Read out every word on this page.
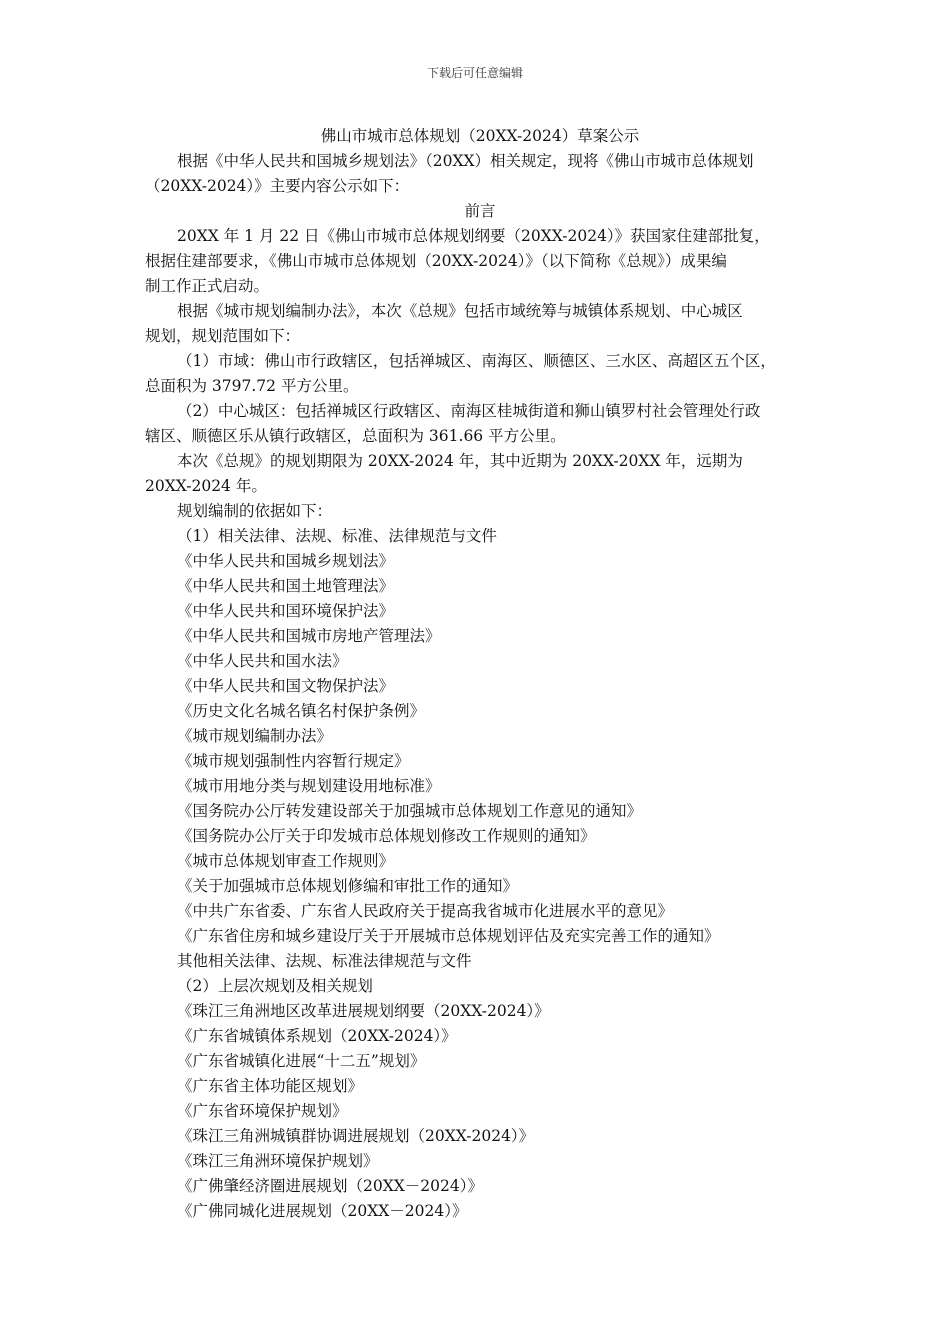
下载后可任意编辑
佛山市城市总体规划（20XX-2024）草案公示
根据《中华人民共和国城乡规划法》（20XX）相关规定，现将《佛山市城市总体规划
（20XX-2024）》主要内容公示如下：
前言
20XX 年 1 月 22 日《佛山市城市总体规划纲要（20XX-2024）》获国家住建部批复，
根据住建部要求，《佛山市城市总体规划（20XX-2024）》（以下简称《总规》）成果编
制工作正式启动。
根据《城市规划编制办法》，本次《总规》包括市域统筹与城镇体系规划、中心城区
规划，规划范围如下：
（1）市域：佛山市行政辖区，包括禅城区、南海区、顺德区、三水区、高超区五个区，
总面积为 3797.72 平方公里。
（2）中心城区：包括禅城区行政辖区、南海区桂城街道和狮山镇罗村社会管理处行政
辖区、顺德区乐从镇行政辖区，总面积为 361.66 平方公里。
本次《总规》的规划期限为 20XX-2024 年，其中近期为 20XX-20XX 年，远期为
20XX-2024 年。
规划编制的依据如下：
（1）相关法律、法规、标准、法律规范与文件
《中华人民共和国城乡规划法》
《中华人民共和国土地管理法》
《中华人民共和国环境保护法》
《中华人民共和国城市房地产管理法》
《中华人民共和国水法》
《中华人民共和国文物保护法》
《历史文化名城名镇名村保护条例》
《城市规划编制办法》
《城市规划强制性内容暂行规定》
《城市用地分类与规划建设用地标准》
《国务院办公厅转发建设部关于加强城市总体规划工作意见的通知》
《国务院办公厅关于印发城市总体规划修改工作规则的通知》
《城市总体规划审查工作规则》
《关于加强城市总体规划修编和审批工作的通知》
《中共广东省委、广东省人民政府关于提高我省城市化进展水平的意见》
《广东省住房和城乡建设厅关于开展城市总体规划评估及充实完善工作的通知》
其他相关法律、法规、标准法律规范与文件
（2）上层次规划及相关规划
《珠江三角洲地区改革进展规划纲要（20XX-2024）》
《广东省城镇体系规划（20XX-2024）》
《广东省城镇化进展“十二五”规划》
《广东省主体功能区规划》
《广东省环境保护规划》
《珠江三角洲城镇群协调进展规划（20XX-2024）》
《珠江三角洲环境保护规划》
《广佛肇经济圈进展规划（20XX－2024）》
《广佛同城化进展规划（20XX－2024）》
